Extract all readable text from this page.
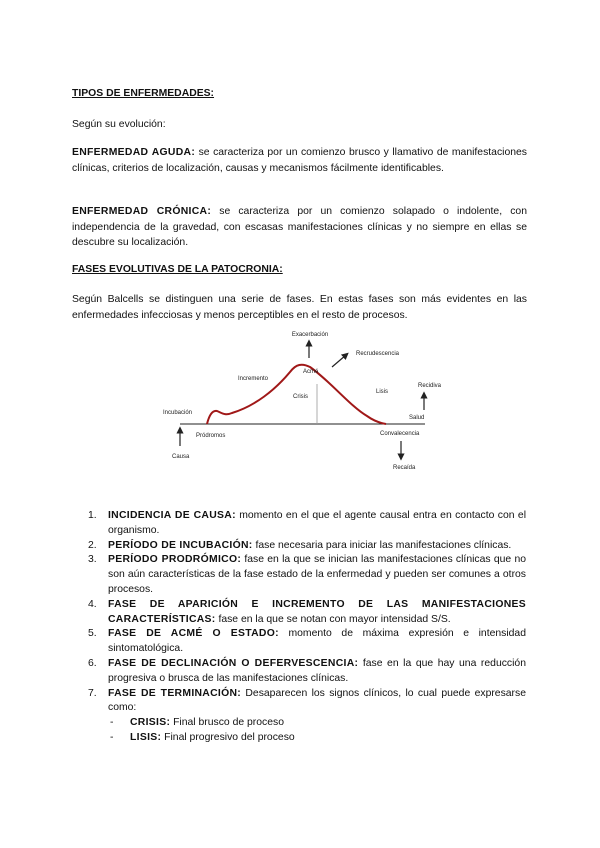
TIPOS DE ENFERMEDADES:
Según su evolución:
ENFERMEDAD AGUDA: se caracteriza por un comienzo brusco y llamativo de manifestaciones clínicas, criterios de localización, causas y mecanismos fácilmente identificables.
ENFERMEDAD CRÓNICA: se caracteriza por un comienzo solapado o indolente, con independencia de la gravedad, con escasas manifestaciones clínicas y no siempre en ellas se descubre su localización.
FASES EVOLUTIVAS DE LA PATOCRONIA:
Según Balcells se distinguen una serie de fases. En estas fases son más evidentes en las enfermedades infecciosas y menos perceptibles en el resto de procesos.
Exacerbación
Recrudescencia
Incremento
Acmé
Crisis
Lisis
Recidiva
Salud
Incubación
Pródromos	Convalecencia
Causa
Recaída
1. INCIDENCIA DE CAUSA: momento en el que el agente causal entra en contacto con el organismo.
2. PERÍODO DE INCUBACIÓN: fase necesaria para iniciar las manifestaciones clínicas.
3. PERÍODO PRODRÓMICO: fase en la que se inician las manifestaciones clínicas que no son aún características de la fase estado de la enfermedad y pueden ser comunes a otros procesos.
4. FASE DE APARICIÓN E INCREMENTO DE LAS MANIFESTACIONES CARACTERÍSTICAS: fase en la que se notan con mayor intensidad S/S.
5. FASE DE ACMÉ O ESTADO: momento de máxima expresión e intensidad sintomatológica.
6. FASE DE DECLINACIÓN O DEFERVESCENCIA: fase en la que hay una reducción progresiva o brusca de las manifestaciones clínicas.
7. FASE DE TERMINACIÓN: Desaparecen los signos clínicos, lo cual puede expresarse como:
- CRISIS: Final brusco de proceso
- LISIS: Final progresivo del proceso
